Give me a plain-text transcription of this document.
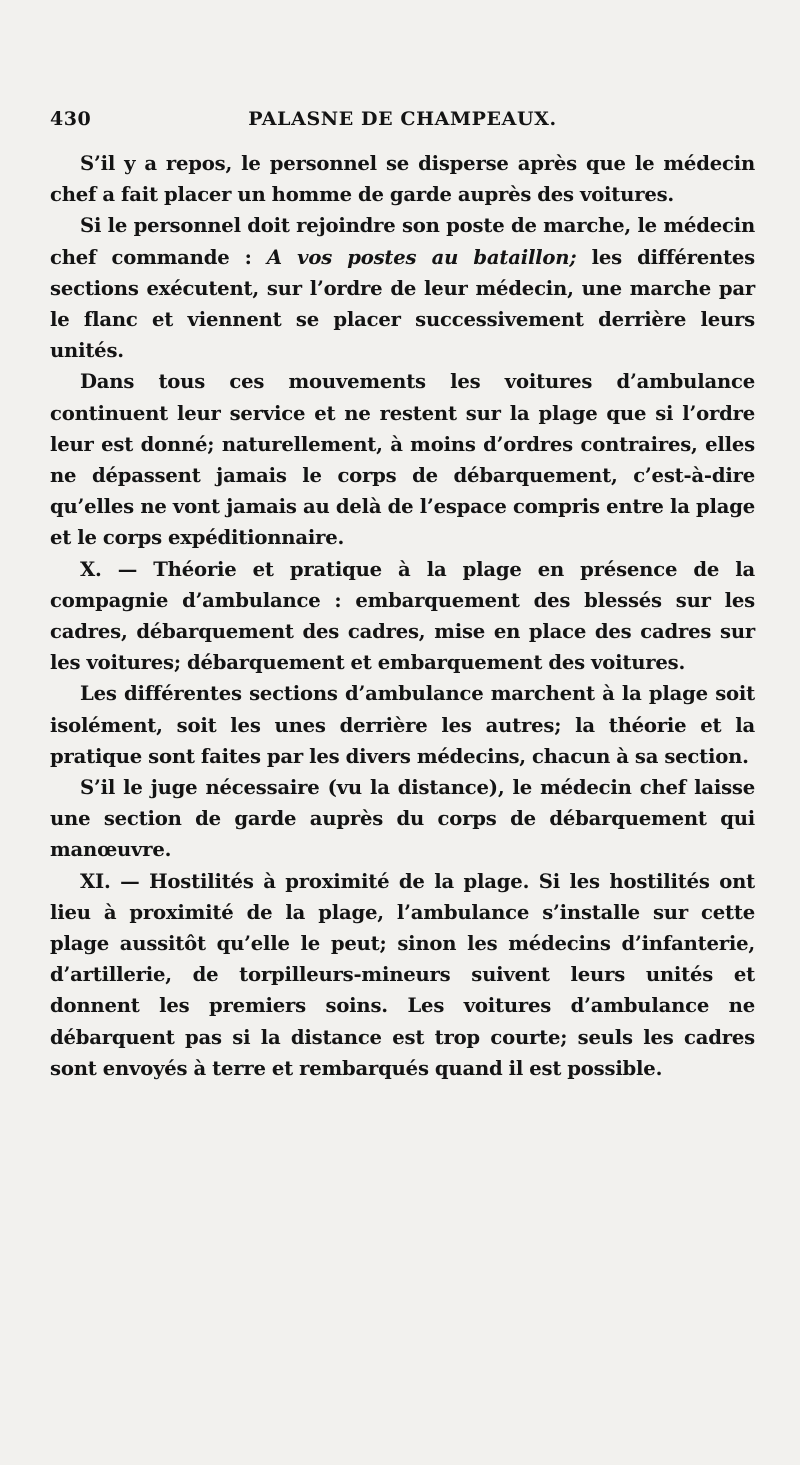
430	PALASNE DE CHAMPEAUX.

S’il y a repos, le personnel se disperse après que le médecin chef a fait placer un homme de garde auprès des voitures.

Si le personnel doit rejoindre son poste de marche, le médecin chef commande : A vos postes au bataillon; les différentes sections exécutent, sur l’ordre de leur médecin, une marche par le flanc et viennent se placer successivement derrière leurs unités.

Dans tous ces mouvements les voitures d’ambulance continuent leur service et ne restent sur la plage que si l’ordre leur est donné; naturellement, à moins d’ordres contraires, elles ne dépassent jamais le corps de débarquement, c’est-à-dire qu’elles ne vont jamais au delà de l’espace compris entre la plage et le corps expéditionnaire.

X. — Théorie et pratique à la plage en présence de la compagnie d’ambulance : embarquement des blessés sur les cadres, débarquement des cadres, mise en place des cadres sur les voitures; débarquement et embarquement des voitures.

Les différentes sections d’ambulance marchent à la plage soit isolément, soit les unes derrière les autres; la théorie et la pratique sont faites par les divers médecins, chacun à sa section.

S’il le juge nécessaire (vu la distance), le médecin chef laisse une section de garde auprès du corps de débarquement qui manœuvre.

XI. — Hostilités à proximité de la plage. Si les hostilités ont lieu à proximité de la plage, l’ambulance s’installe sur cette plage aussitôt qu’elle le peut; sinon les médecins d’infanterie, d’artillerie, de torpilleurs-mineurs suivent leurs unités et donnent les premiers soins. Les voitures d’ambulance ne débarquent pas si la distance est trop courte; seuls les cadres sont envoyés à terre et rembarqués quand il est possible.
